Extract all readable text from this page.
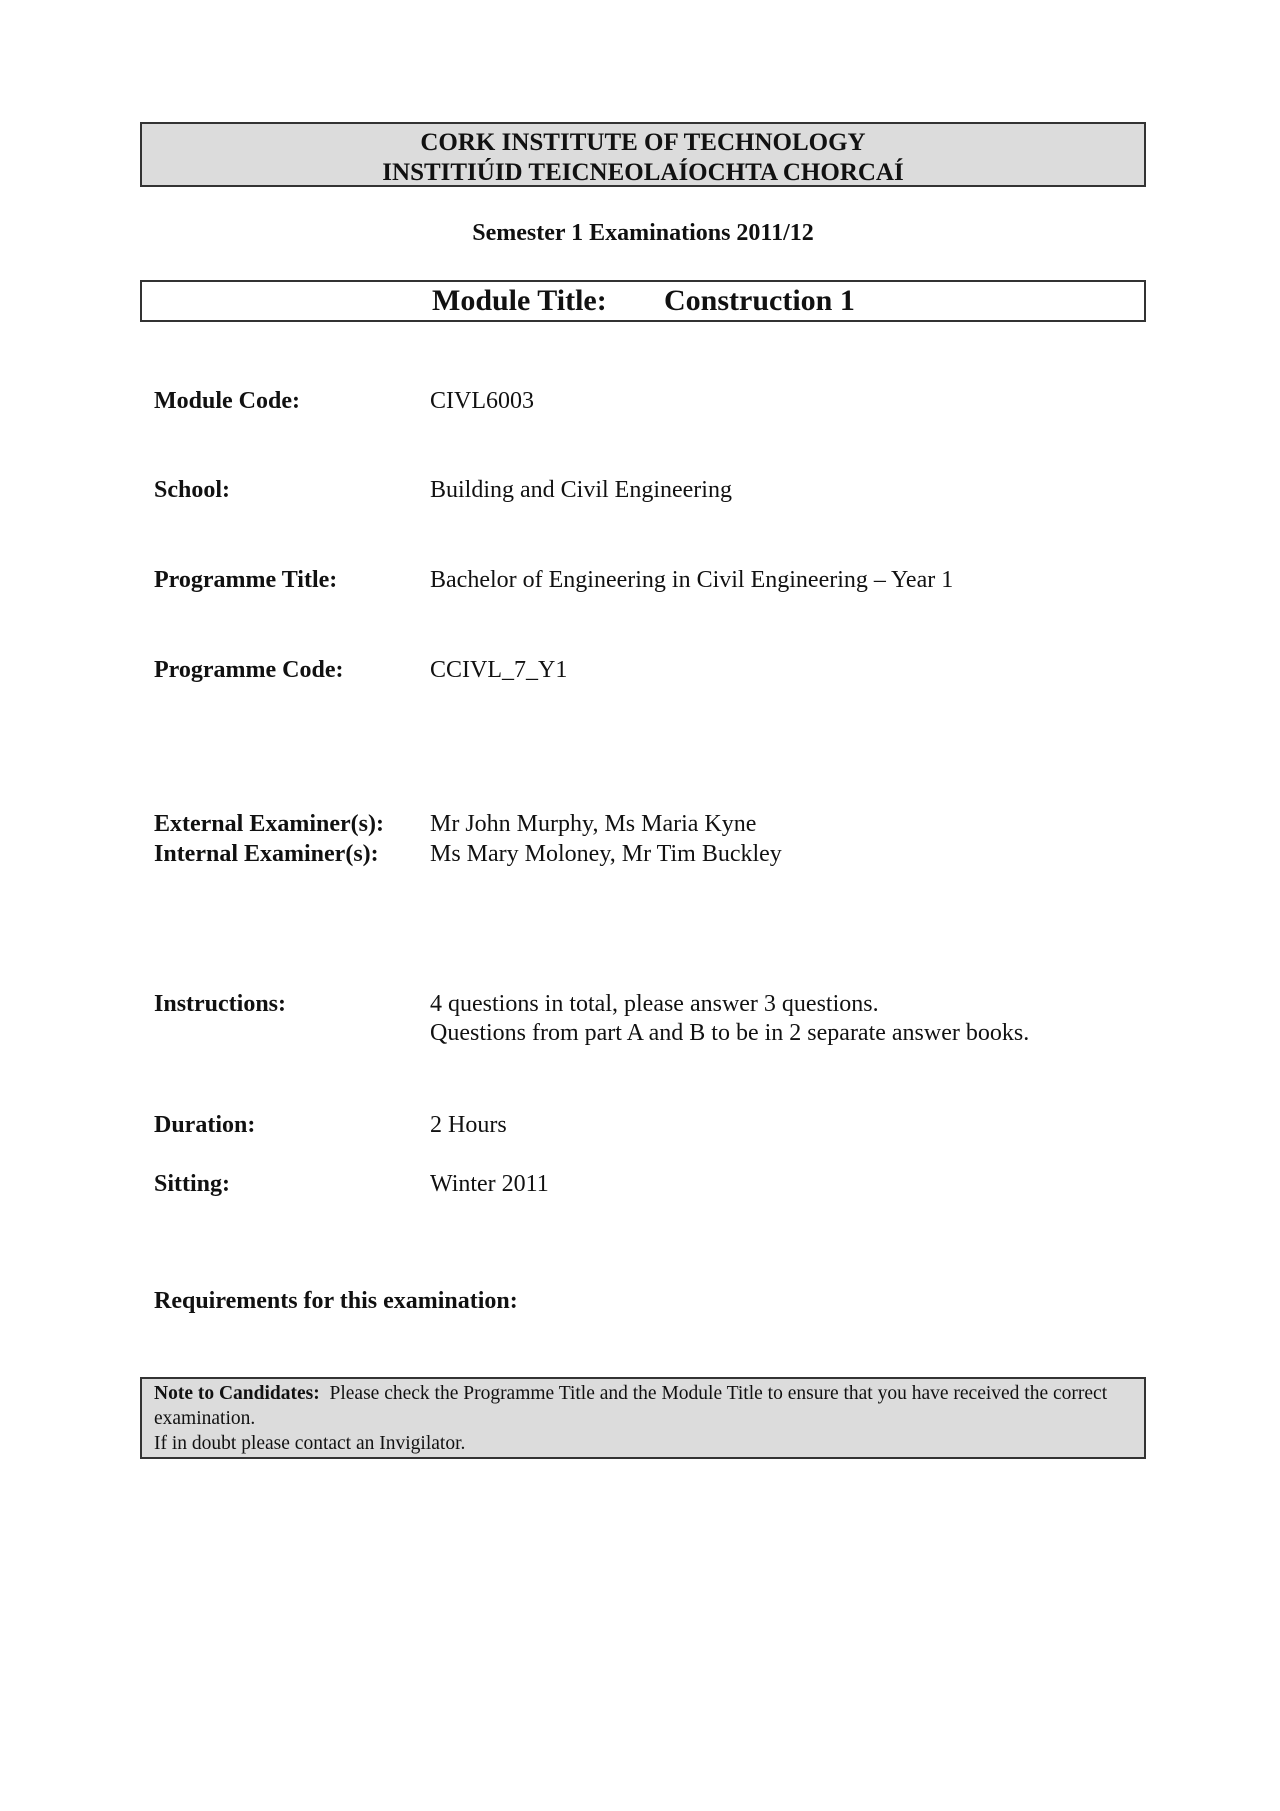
CORK INSTITUTE OF TECHNOLOGY
INSTITIÚID TEICNEOLAÍOCHTA CHORCAÍ
Semester 1 Examinations 2011/12
Module Title: Construction 1
Module Code:	CIVL6003
School:	Building and Civil Engineering
Programme Title:	Bachelor of Engineering in Civil Engineering – Year 1
Programme Code:	CCIVL_7_Y1
External Examiner(s): Mr John Murphy, Ms Maria Kyne
Internal Examiner(s): Ms Mary Moloney, Mr Tim Buckley
Instructions:	4 questions in total, please answer 3 questions.
Questions from part A and B to be in 2 separate answer books.
Duration:	2 Hours
Sitting:	Winter 2011
Requirements for this examination:
Note to Candidates: Please check the Programme Title and the Module Title to ensure that you have received the correct examination.
If in doubt please contact an Invigilator.
